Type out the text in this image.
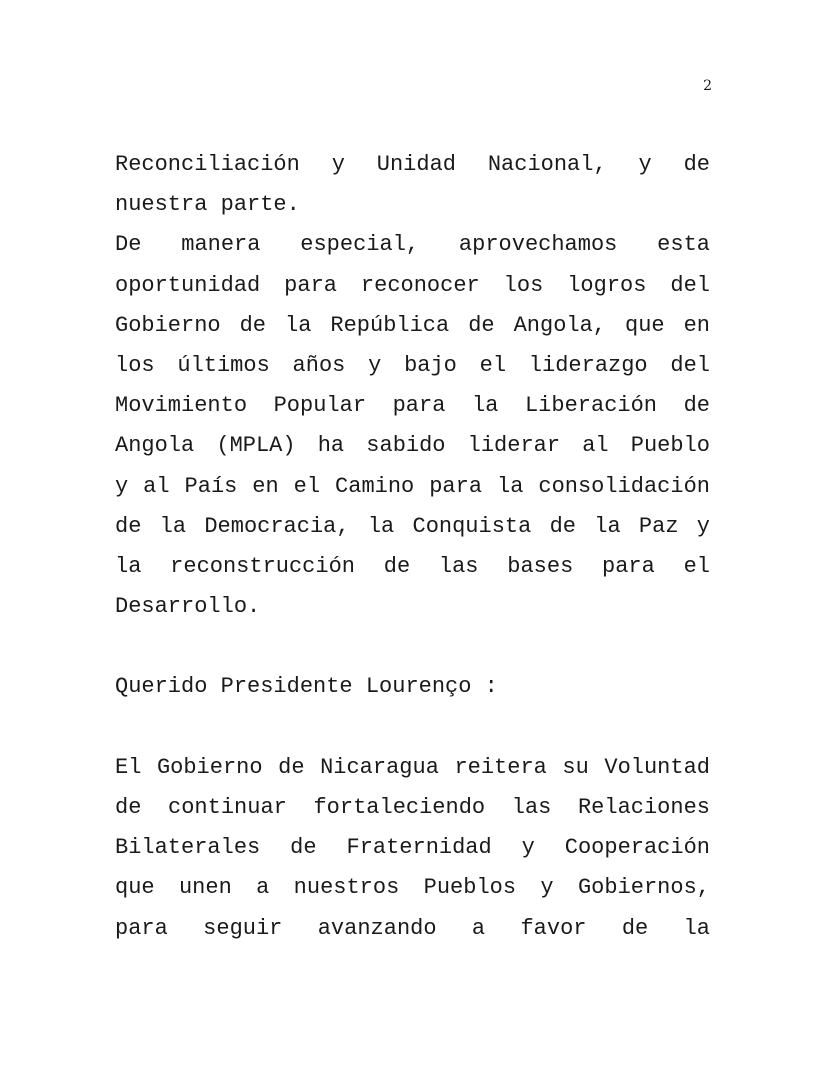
2
Reconciliación y Unidad Nacional, y de
nuestra parte.
De manera especial, aprovechamos esta
oportunidad para reconocer los logros del
Gobierno de la República de Angola, que en
los últimos años y bajo el liderazgo del
Movimiento Popular para la Liberación de
Angola (MPLA) ha sabido liderar al Pueblo
y al País en el Camino para la consolidación
de la Democracia, la Conquista de la Paz y
la reconstrucción de las bases para el
Desarrollo.
Querido Presidente Lourenço :
El Gobierno de Nicaragua reitera su Voluntad
de continuar fortaleciendo las Relaciones
Bilaterales de Fraternidad y Cooperación
que unen a nuestros Pueblos y Gobiernos,
para seguir avanzando a favor de la
